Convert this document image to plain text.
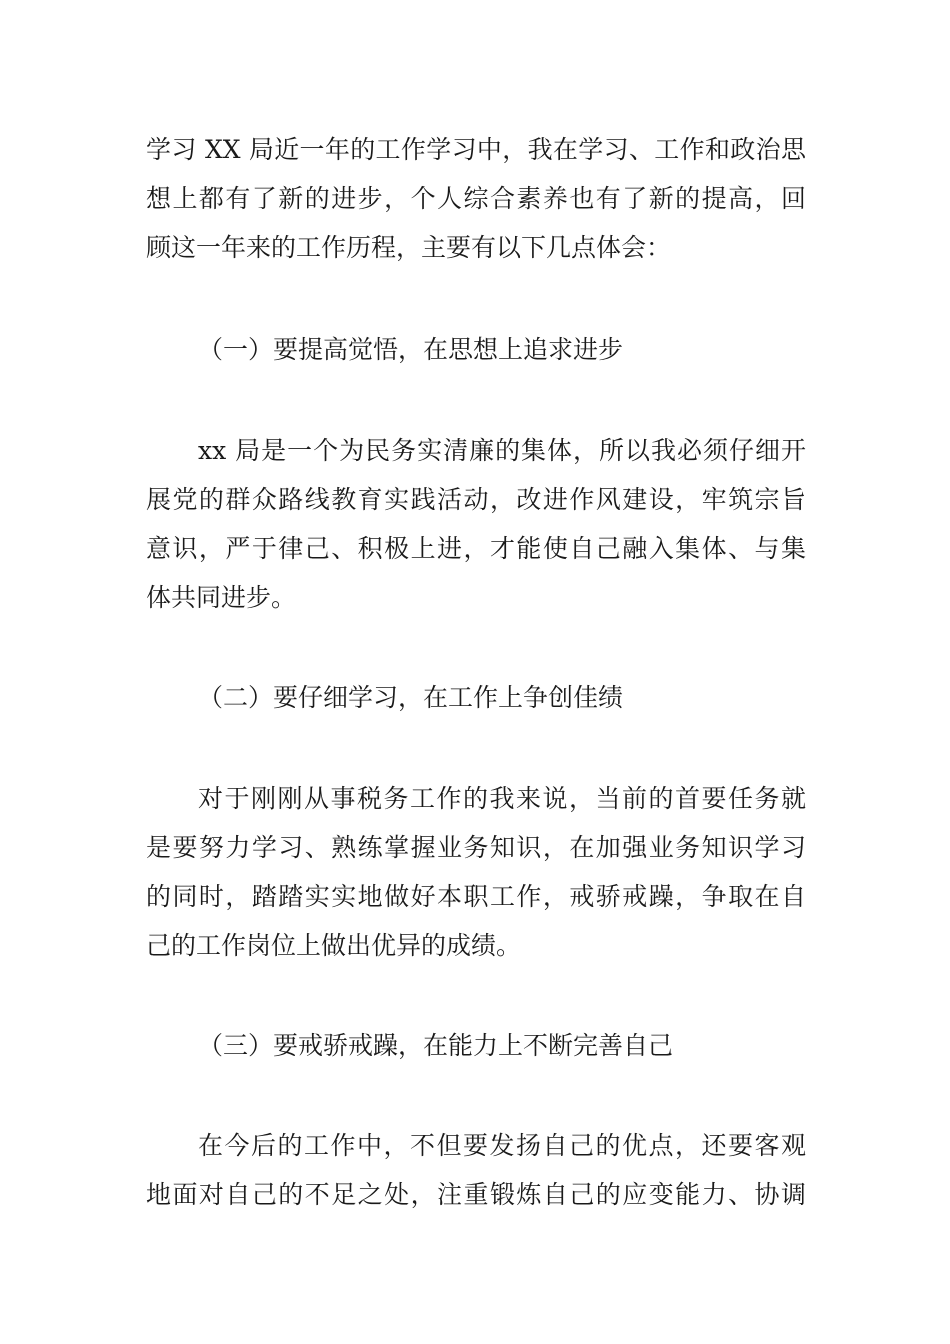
学习 XX 局近一年的工作学习中，我在学习、工作和政治思
想上都有了新的进步，个人综合素养也有了新的提高，回
顾这一年来的工作历程，主要有以下几点体会：
（一）要提高觉悟，在思想上追求进步
xx 局是一个为民务实清廉的集体，所以我必须仔细开
展党的群众路线教育实践活动，改进作风建设，牢筑宗旨
意识，严于律己、积极上进，才能使自己融入集体、与集
体共同进步。
（二）要仔细学习，在工作上争创佳绩
对于刚刚从事税务工作的我来说，当前的首要任务就
是要努力学习、熟练掌握业务知识，在加强业务知识学习
的同时，踏踏实实地做好本职工作，戒骄戒躁，争取在自
己的工作岗位上做出优异的成绩。
（三）要戒骄戒躁，在能力上不断完善自己
在今后的工作中，不但要发扬自己的优点，还要客观
地面对自己的不足之处，注重锻炼自己的应变能力、协调
